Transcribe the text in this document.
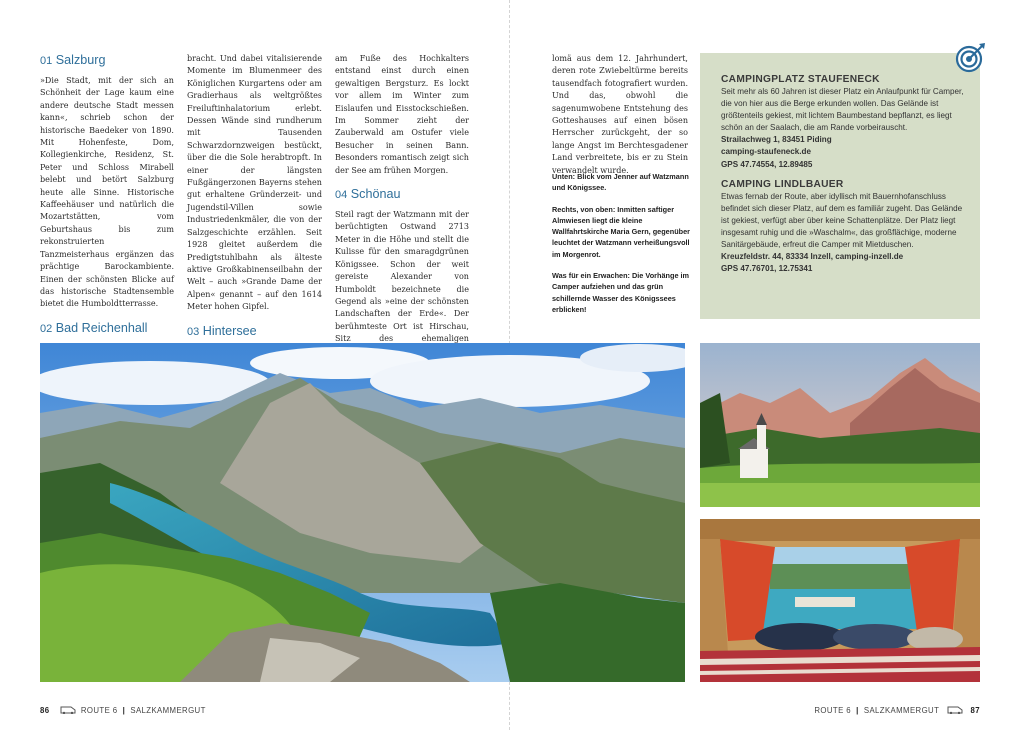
01 Salzburg

»Die Stadt, mit der sich an Schönheit der Lage kaum eine andere deutsche Stadt messen kann«, schrieb schon der historische Baedeker von 1890. Mit Hohenfeste, Dom, Kollegienkirche, Residenz, St. Peter und Schloss Mirabell belebt und betört Salzburg heute alle Sinne. Historische Kaffeehäuser und natürlich die Mozartstätten, vom Geburtshaus bis zum rekonstruierten Tanzmeisterhaus ergänzen das prächtige Barockambiente. Einen der schönsten Blicke auf das historische Stadtensemble bietet die Humboldtterrasse.

02 Bad Reichenhall

bracht. Und dabei vitalisierende Momente im Blumenmeer des Königlichen Kurgartens oder am Gradierhaus als weltgrößtes Freiluftinhalatorium erlebt. Dessen Wände sind rundherum mit Tausenden Schwarzdornzweigen bestückt, über die die Sole herabtropft. In einer der längsten Fußgängerzonen Bayerns stehen gut erhaltene Gründerzeit- und Jugendstil-Villen sowie Industriedenkmäler, die von der Salzgeschichte erzählen. Seit 1928 gleitet außerdem die Predigtstuhlbahn als älteste aktive Großkabinenseilbahn der Welt – auch »Grande Dame der Alpen« genannt – auf den 1614 Meter hohen Gipfel.

03 Hintersee

am Fuße des Hochkalters entstand einst durch einen gewaltigen Bergsturz. Es lockt vor allem im Winter zum Eislaufen und Eisstockschießen. Im Sommer zieht der Zauberwald am Ostufer viele Besucher in seinen Bann. Besonders romantisch zeigt sich der See am frühen Morgen.

04 Schönau

Steil ragt der Watzmann mit der berüchtigten Ostwand 2713 Meter in die Höhe und stellt die Kulisse für den smaragdgrünen Königssee. Schon der weit gereiste Alexander von Humboldt bezeichnete die Gegend als »eine der schönsten Landschaften der Erde«. Der berühmteste Ort ist Hirschau, Sitz des ehemaligen

lomä aus dem 12. Jahrhundert, deren rote Zwiebeltürme bereits tausendfach fotografiert wurden. Und das, obwohl die sagenumwobene Entstehung des Gotteshauses auf einen bösen Herrscher zurückgeht, der so lange Angst im Berchtesgadener Land verbreitete, bis er zu Stein verwandelt wurde.

Unten: Blick vom Jenner auf Watzmann und Königssee.

Rechts, von oben: Inmitten saftiger Almwiesen liegt die kleine Wallfahrtskirche Maria Gern, gegenüber leuchtet der Watzmann verheißungsvoll im Morgenrot.

Was für ein Erwachen: Die Vorhänge im Camper aufziehen und das grün schillernde Wasser des Königssees erblicken!

CAMPINGPLATZ STAUFENECK

Seit mehr als 60 Jahren ist dieser Platz ein Anlaufpunkt für Camper, die von hier aus die Berge erkunden wollen. Das Gelände ist größtenteils gekiest, mit lichtem Baumbestand bepflanzt, es liegt schön an der Saalach, die am Rande vorbeirauscht.

Strailachweg 1, 83451 Piding

camping-staufeneck.de

GPS 47.74554, 12.89485

CAMPING LINDLBAUER

Etwas fernab der Route, aber idyllisch mit Bauernhofanschluss befindet sich dieser Platz, auf dem es familiär zugeht. Das Gelände ist gekiest, verfügt aber über keine Schattenplätze. Der Platz liegt insgesamt ruhig und die »Waschalm«, das großflächige, moderne Sanitärgebäude, erfreut die Camper mit Mietduschen.

Kreuzfeldstr. 44, 83334 Inzell, camping-inzell.de

GPS 47.76701, 12.75341

86	ROUTE 6 | SALZKAMMERGUT	ROUTE 6 | SALZKAMMERGUT	87
